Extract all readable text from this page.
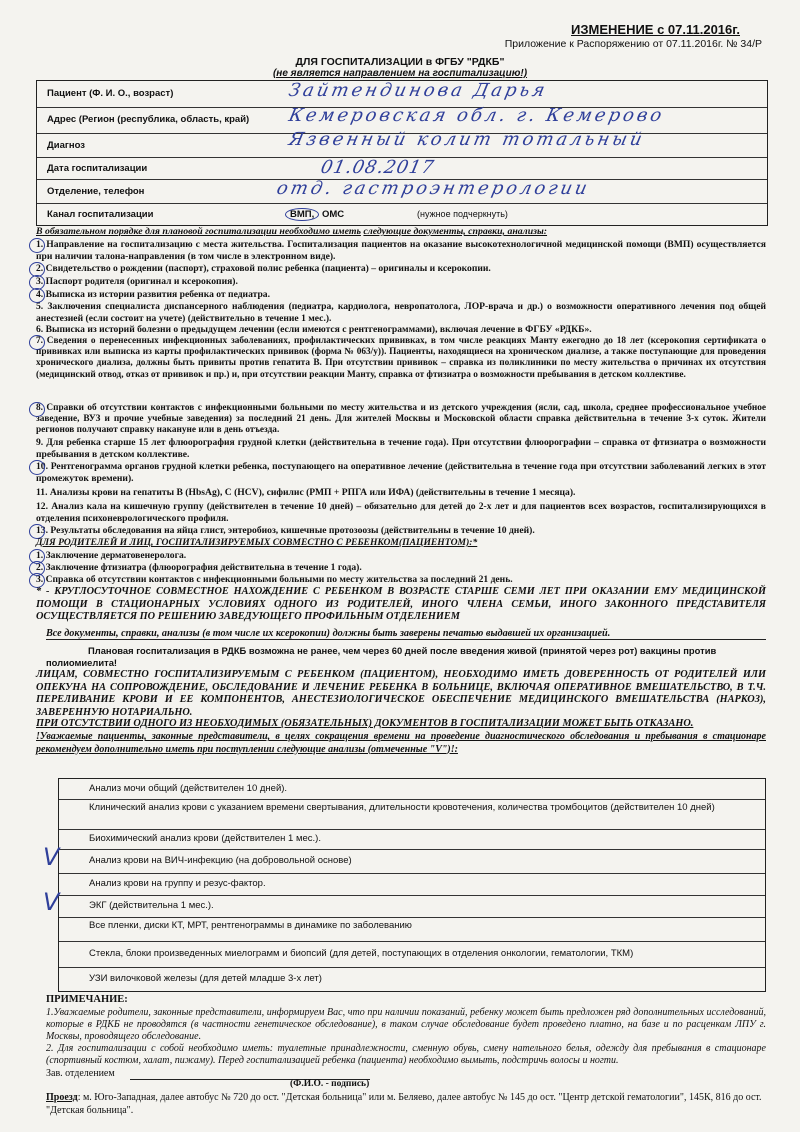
ИЗМЕНЕНИЕ с 07.11.2016г.
Приложение к Распоряжению от 07.11.2016г. № 34/Р
ДЛЯ ГОСПИТАЛИЗАЦИИ в ФГБУ "РДКБ"
(не является направлением на госпитализацию!)
Пациент (Ф. И. О., возраст)	Зайтендинова Дарья
Адрес (Регион (республика, область, край) Кемеровская обл. г. Кемерово
Диагноз	Язвенный колит тотальный
Дата госпитализации	01.08.2017
Отделение, телефон	отд. гастроэнтерологии
Канал госпитализации	ВМП, ОМС	(нужное подчеркнуть)
В обязательном порядке для плановой госпитализации необходимо иметь следующие документы, справки, анализы:
1. Направление на госпитализацию с места жительства. Госпитализация пациентов на оказание высокотехнологичной медицинской помощи (ВМП) осуществляется при наличии талона-направления (в том числе в электронном виде).
2. Свидетельство о рождении (паспорт), страховой полис ребенка (пациента) – оригиналы и ксерокопии.
3. Паспорт родителя (оригинал и ксерокопия).
4. Выписка из истории развития ребенка от педиатра.
5. Заключения специалиста диспансерного наблюдения (педиатра, кардиолога, невропатолога, ЛОР-врача и др.) о возможности оперативного лечения под общей анестезией (если состоит на учете) (действительно в течение 1 мес.).
6. Выписка из историй болезни о предыдущем лечении (если имеются с рентгенограммами), включая лечение в ФГБУ «РДКБ».
7. Сведения о перенесенных инфекционных заболеваниях, профилактических прививках, в том числе реакциях Манту ежегодно до 18 лет (ксерокопия сертификата о прививках или выписка из карты профилактических прививок (форма № 063/у)). Пациенты, находящиеся на хроническом диализе, а также поступающие для проведения хронического диализа, должны быть привиты против гепатита В. При отсутствии прививок – справка из поликлиники по месту жительства о причинах их отсутствия (медицинский отвод, отказ от прививок и пр.) и, при отсутствии реакции Манту, справка от фтизиатра о возможности пребывания в детском коллективе.
8. Справки об отсутствии контактов с инфекционными больными по месту жительства и из детского учреждения (ясли, сад, школа, среднее профессиональное учебное заведение, ВУЗ и прочие учебные заведения) за последний 21 день. Для жителей Москвы и Московской области справка действительна в течение 3-х суток. Жители регионов получают справку накануне или в день отъезда.
9. Для ребенка старше 15 лет флюорография грудной клетки (действительна в течение года). При отсутствии флюорографии – справка от фтизиатра о возможности пребывания в детском коллективе.
10. Рентгенограмма органов грудной клетки ребенка, поступающего на оперативное лечение (действительна в течение года при отсутствии заболеваний легких в этот промежуток времени).
11. Анализы крови на гепатиты В (HbsAg), С (HCV), сифилис (РМП + РПГА или ИФА) (действительны в течение 1 месяца).
12. Анализ кала на кишечную группу (действителен в течение 10 дней) – обязательно для детей до 2-х лет и для пациентов всех возрастов, госпитализирующихся в отделения психоневрологического профиля.
13. Результаты обследования на яйца глист, энтеробиоз, кишечные протозоозы (действительны в течение 10 дней).
ДЛЯ РОДИТЕЛЕЙ И ЛИЦ, ГОСПИТАЛИЗИРУЕМЫХ СОВМЕСТНО С РЕБЕНКОМ(ПАЦИЕНТОМ):*
1. Заключение дерматовенеролога.
2. Заключение фтизиатра (флюорография действительна в течение 1 года).
3. Справка об отсутствии контактов с инфекционными больными по месту жительства за последний 21 день.
* - КРУГЛОСУТОЧНОЕ СОВМЕСТНОЕ НАХОЖДЕНИЕ С РЕБЕНКОМ В ВОЗРАСТЕ СТАРШЕ СЕМИ ЛЕТ ПРИ ОКАЗАНИИ ЕМУ МЕДИЦИНСКОЙ ПОМОЩИ В СТАЦИОНАРНЫХ УСЛОВИЯХ ОДНОГО ИЗ РОДИТЕЛЕЙ, ИНОГО ЧЛЕНА СЕМЬИ, ИНОГО ЗАКОННОГО ПРЕДСТАВИТЕЛЯ ОСУЩЕСТВЛЯЕТСЯ ПО РЕШЕНИЮ ЗАВЕДУЮЩЕГО ПРОФИЛЬНЫМ ОТДЕЛЕНИЕМ
Все документы, справки, анализы (в том числе их ксерокопии) должны быть заверены печатью выдавшей их организацией.
Плановая госпитализация в РДКБ возможна не ранее, чем через 60 дней после введения живой (принятой через рот) вакцины против полиомиелита!
ЛИЦАМ, СОВМЕСТНО ГОСПИТАЛИЗИРУЕМЫМ С РЕБЕНКОМ (ПАЦИЕНТОМ), НЕОБХОДИМО ИМЕТЬ ДОВЕРЕННОСТЬ ОТ РОДИТЕЛЕЙ ИЛИ ОПЕКУНА НА СОПРОВОЖДЕНИЕ, ОБСЛЕДОВАНИЕ И ЛЕЧЕНИЕ РЕБЕНКА В БОЛЬНИЦЕ, ВКЛЮЧАЯ ОПЕРАТИВНОЕ ВМЕШАТЕЛЬСТВО, В Т.Ч. ПЕРЕЛИВАНИЕ КРОВИ И ЕЕ КОМПОНЕНТОВ, АНЕСТЕЗИОЛОГИЧЕСКОЕ ОБЕСПЕЧЕНИЕ МЕДИЦИНСКОГО ВМЕШАТЕЛЬСТВА (НАРКОЗ), ЗАВЕРЕННУЮ НОТАРИАЛЬНО.
ПРИ ОТСУТСТВИИ ОДНОГО ИЗ НЕОБХОДИМЫХ (ОБЯЗАТЕЛЬНЫХ) ДОКУМЕНТОВ В ГОСПИТАЛИЗАЦИИ МОЖЕТ БЫТЬ ОТКАЗАНО.
!Уважаемые пациенты, законные представители, в целях сокращения времени на проведение диагностического обследования и пребывания в стационаре рекомендуем дополнительно иметь при поступлении следующие анализы (отмеченные "V")!:
Анализ мочи общий (действителен 10 дней).
Клинический анализ крови с указанием времени свертывания, длительности кровотечения, количества тромбоцитов (действителен 10 дней)
Биохимический анализ крови (действителен 1 мес.).
V	Анализ крови на ВИЧ-инфекцию (на добровольной основе)
Анализ крови на группу и резус-фактор.
V	ЭКГ (действительна 1 мес.).
Все пленки, диски КТ, МРТ, рентгенограммы в динамике по заболеванию
Стекла, блоки произведенных миелограмм и биопсий (для детей, поступающих в отделения онкологии, гематологии, ТКМ)
УЗИ вилочковой железы (для детей младше 3-х лет)
ПРИМЕЧАНИЕ:
1.Уважаемые родители, законные представители, информируем Вас, что при наличии показаний, ребенку может быть предложен ряд дополнительных исследований, которые в РДКБ не проводятся (в частности генетическое обследование), в таком случае обследование будет проведено платно, на базе и по расценкам ЛПУ г. Москвы, проводящего обследование.
2. Для госпитализации с собой необходимо иметь: туалетные принадлежности, сменную обувь, смену нательного белья, одежду для пребывания в стационаре (спортивный костюм, халат, пижаму). Перед госпитализацией ребенка (пациента) необходимо вымыть, подстричь волосы и ногти.
Зав. отделением
(Ф.И.О. - подпись)
Проезд: м. Юго-Западная, далее автобус № 720 до ост. "Детская больница" или м. Беляево, далее автобус № 145 до ост. "Центр детской гематологии", 145К, 816 до ост. "Детская больница".
